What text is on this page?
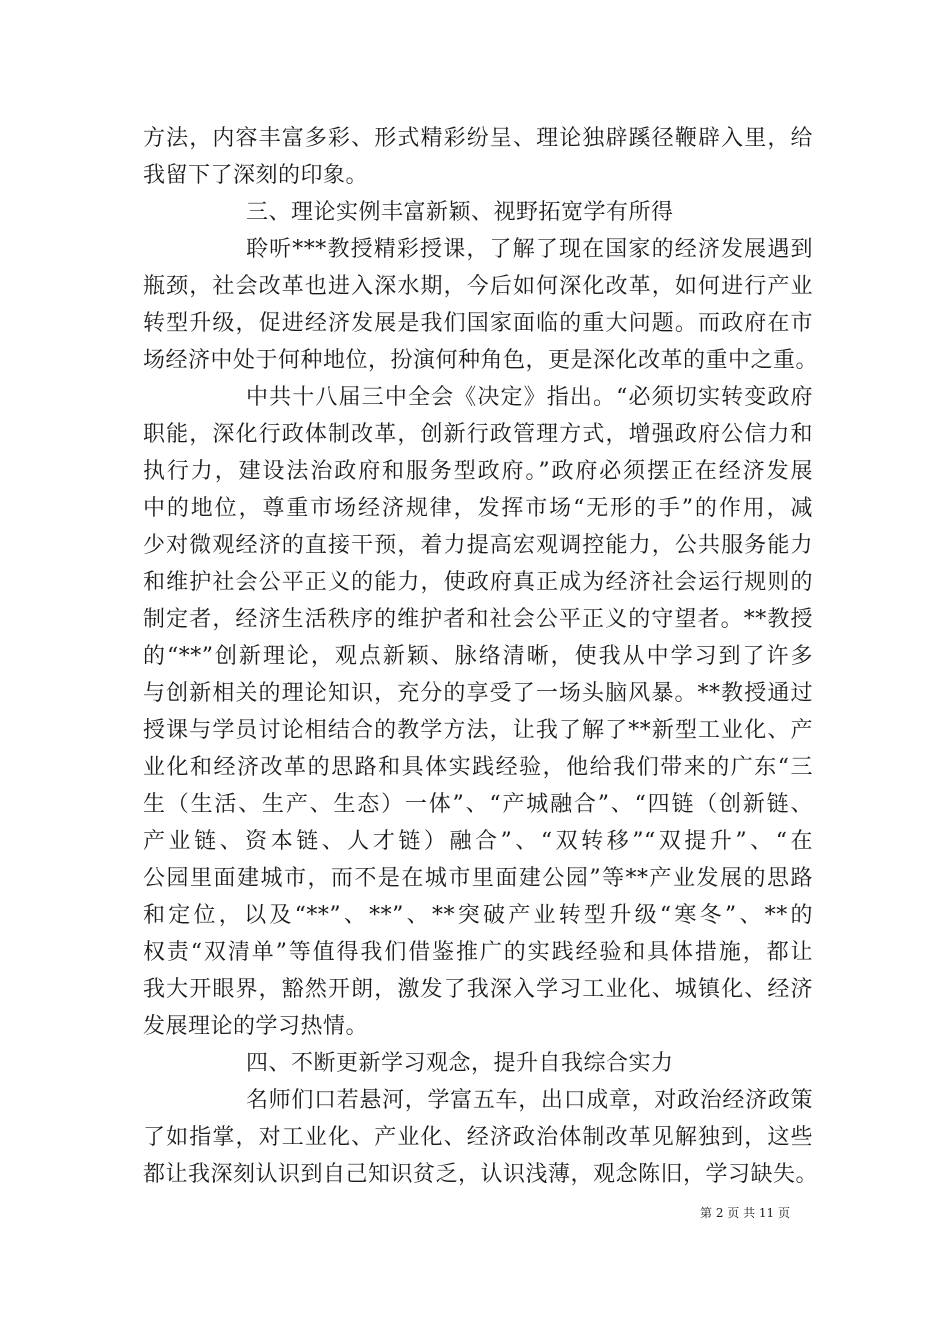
方法，内容丰富多彩、形式精彩纷呈、理论独辟蹊径鞭辟入里，给
我留下了深刻的印象。
三、理论实例丰富新颖、视野拓宽学有所得
聆听***教授精彩授课，了解了现在国家的经济发展遇到
瓶颈，社会改革也进入深水期，今后如何深化改革，如何进行产业
转型升级，促进经济发展是我们国家面临的重大问题。而政府在市
场经济中处于何种地位，扮演何种角色，更是深化改革的重中之重。
中共十八届三中全会《决定》指出。“必须切实转变政府
职能，深化行政体制改革，创新行政管理方式，增强政府公信力和
执行力，建设法治政府和服务型政府。”政府必须摆正在经济发展
中的地位，尊重市场经济规律，发挥市场“无形的手”的作用，减
少对微观经济的直接干预，着力提高宏观调控能力，公共服务能力
和维护社会公平正义的能力，使政府真正成为经济社会运行规则的
制定者，经济生活秩序的维护者和社会公平正义的守望者。**教授
的“**”创新理论，观点新颖、脉络清晰，使我从中学习到了许多
与创新相关的理论知识，充分的享受了一场头脑风暴。**教授通过
授课与学员讨论相结合的教学方法，让我了解了**新型工业化、产
业化和经济改革的思路和具体实践经验，他给我们带来的广东“三
生（生活、生产、生态）一体”、“产城融合”、“四链（创新链、
产业链、资本链、人才链）融合”、“双转移”“双提升”、“在
公园里面建城市，而不是在城市里面建公园”等**产业发展的思路
和定位，以及“**”、**”、**突破产业转型升级“寒冬”、**的
权责“双清单”等值得我们借鉴推广的实践经验和具体措施，都让
我大开眼界，豁然开朗，激发了我深入学习工业化、城镇化、经济
发展理论的学习热情。
四、不断更新学习观念，提升自我综合实力
名师们口若悬河，学富五车，出口成章，对政治经济政策
了如指掌，对工业化、产业化、经济政治体制改革见解独到，这些
都让我深刻认识到自己知识贫乏，认识浅薄，观念陈旧，学习缺失。
第 2 页 共 11 页
